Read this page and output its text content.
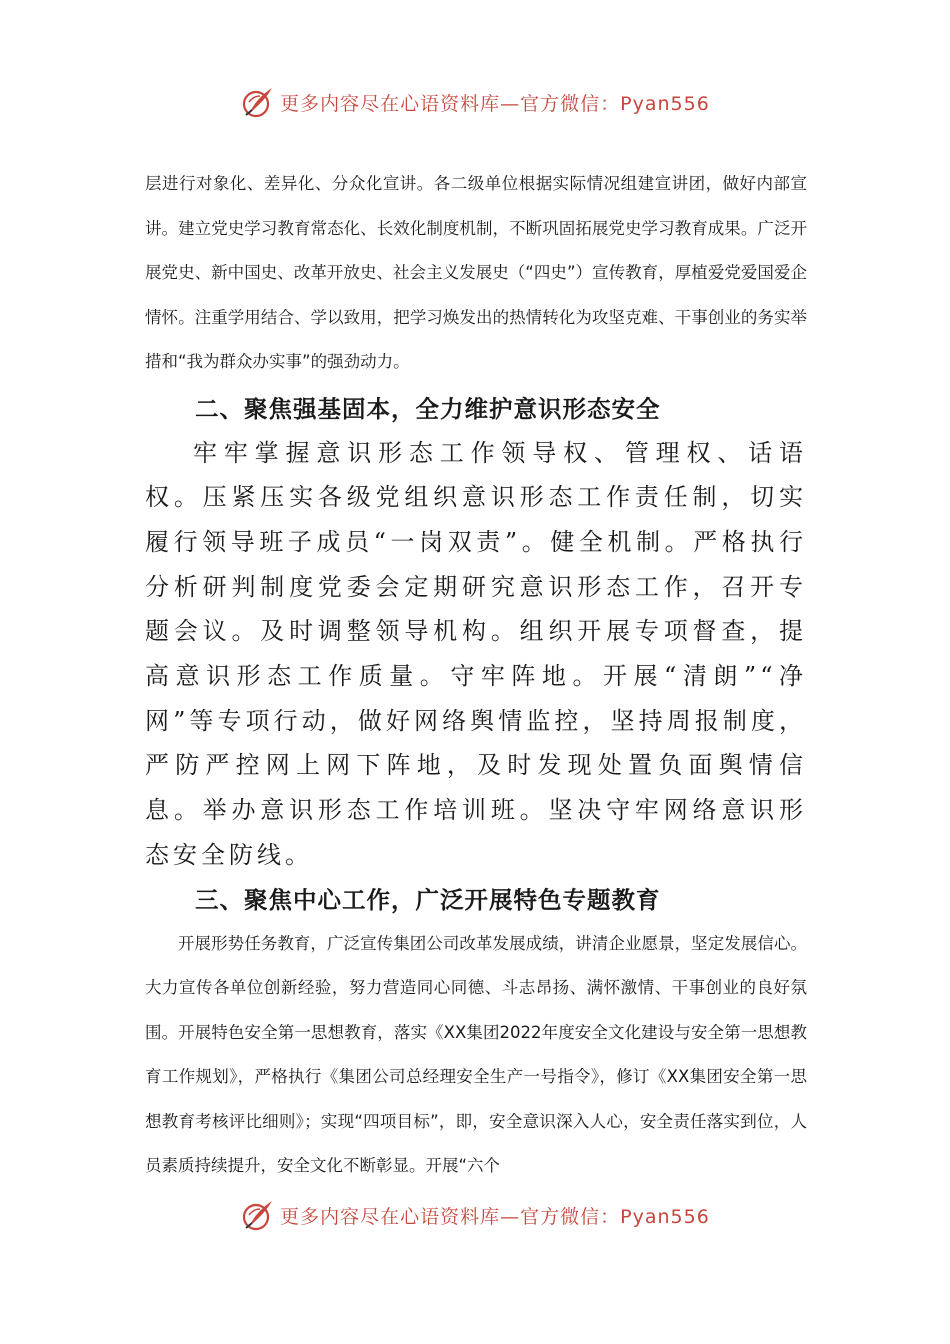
更多内容尽在心语资料库—官方微信：Pyan556

层进行对象化、差异化、分众化宣讲。各二级单位根据实际情况组建宣讲团，做好内部宣讲。建立党史学习教育常态化、长效化制度机制，不断巩固拓展党史学习教育成果。广泛开展党史、新中国史、改革开放史、社会主义发展史（“四史”）宣传教育，厚植爱党爱国爱企情怀。注重学用结合、学以致用，把学习焕发出的热情转化为攻坚克难、干事创业的务实举措和“我为群众办实事”的强劲动力。

二、聚焦强基固本，全力维护意识形态安全

牢牢掌握意识形态工作领导权、管理权、话语权。压紧压实各级党组织意识形态工作责任制，切实履行领导班子成员“一岗双责”。健全机制。严格执行分析研判制度党委会定期研究意识形态工作，召开专题会议。及时调整领导机构。组织开展专项督查，提高意识形态工作质量。守牢阵地。开展“清朗”“净网”等专项行动，做好网络舆情监控，坚持周报制度，严防严控网上网下阵地，及时发现处置负面舆情信息。举办意识形态工作培训班。坚决守牢网络意识形态安全防线。

三、聚焦中心工作，广泛开展特色专题教育

开展形势任务教育，广泛宣传集团公司改革发展成绩，讲清企业愿景，坚定发展信心。大力宣传各单位创新经验，努力营造同心同德、斗志昂扬、满怀激情、干事创业的良好氛围。开展特色安全第一思想教育，落实《XX集团2022年度安全文化建设与安全第一思想教育工作规划》，严格执行《集团公司总经理安全生产一号指令》，修订《XX集团安全第一思想教育考核评比细则》；实现“四项目标”，即，安全意识深入人心，安全责任落实到位，人员素质持续提升，安全文化不断彰显。开展“六个

更多内容尽在心语资料库—官方微信：Pyan556
